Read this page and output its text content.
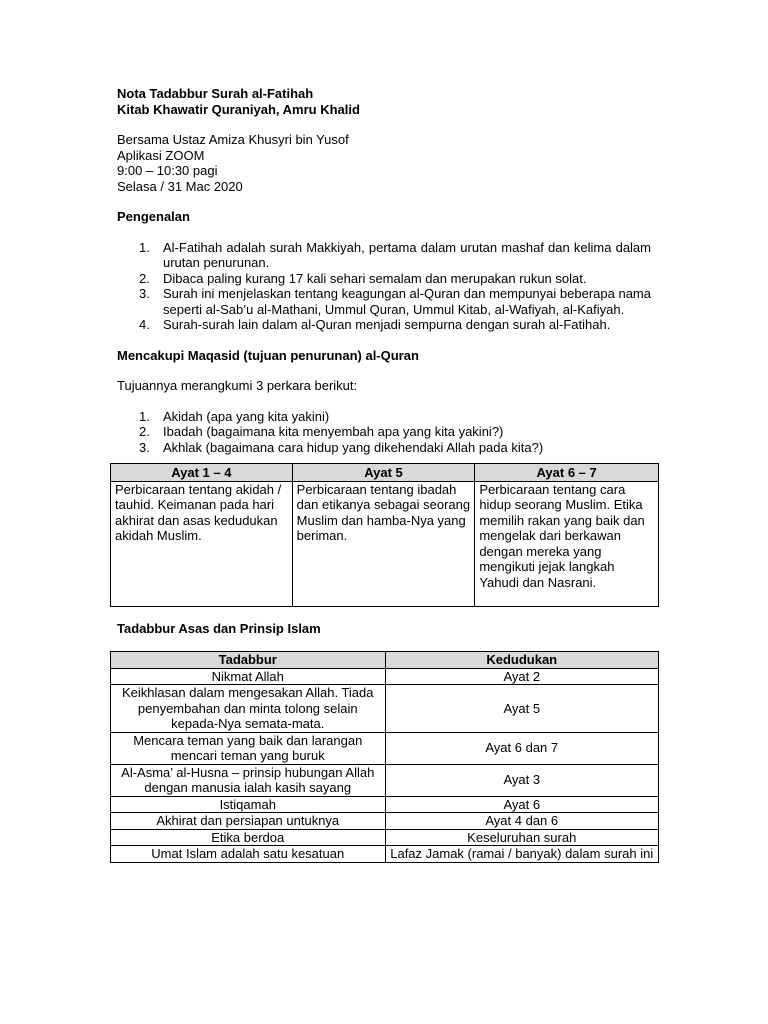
Nota Tadabbur Surah al-Fatihah

Kitab Khawatir Quraniyah, Amru Khalid

Bersama Ustaz Amiza Khusyri bin Yusof

Aplikasi ZOOM

9:00 – 10:30 pagi

Selasa / 31 Mac 2020

Pengenalan

1. Al-Fatihah adalah surah Makkiyah, pertama dalam urutan mashaf dan kelima dalam urutan penurunan.
2. Dibaca paling kurang 17 kali sehari semalam dan merupakan rukun solat.
3. Surah ini menjelaskan tentang keagungan al-Quran dan mempunyai beberapa nama seperti al-Sab’u al-Mathani, Ummul Quran, Ummul Kitab, al-Wafiyah, al-Kafiyah.
4. Surah-surah lain dalam al-Quran menjadi sempurna dengan surah al-Fatihah.

Mencakupi Maqasid (tujuan penurunan) al-Quran

Tujuannya merangkumi 3 perkara berikut:

1. Akidah (apa yang kita yakini)
2. Ibadah (bagaimana kita menyembah apa yang kita yakini?)
3. Akhlak (bagaimana cara hidup yang dikehendaki Allah pada kita?)
Ayat 1 – 4	Ayat 5	Ayat 6 – 7
Perbicaraan tentang akidah / tauhid. Keimanan pada hari akhirat dan asas kedudukan akidah Muslim.	Perbicaraan tentang ibadah dan etikanya sebagai seorang Muslim dan hamba-Nya yang beriman.	Perbicaraan tentang cara hidup seorang Muslim. Etika memilih rakan yang baik dan mengelak dari berkawan dengan mereka yang mengikuti jejak langkah Yahudi dan Nasrani.

Tadabbur Asas dan Prinsip Islam

Tadabbur	Kedudukan
Nikmat Allah	Ayat 2
Keikhlasan dalam mengesakan Allah. Tiada penyembahan dan minta tolong selain kepada-Nya semata-mata.	Ayat 5
Mencara teman yang baik dan larangan mencari teman yang buruk	Ayat 6 dan 7
Al-Asma’ al-Husna – prinsip hubungan Allah dengan manusia ialah kasih sayang	Ayat 3
Istiqamah	Ayat 6
Akhirat dan persiapan untuknya	Ayat 4 dan 6
Etika berdoa	Keseluruhan surah
Umat Islam adalah satu kesatuan	Lafaz Jamak (ramai / banyak) dalam surah ini
